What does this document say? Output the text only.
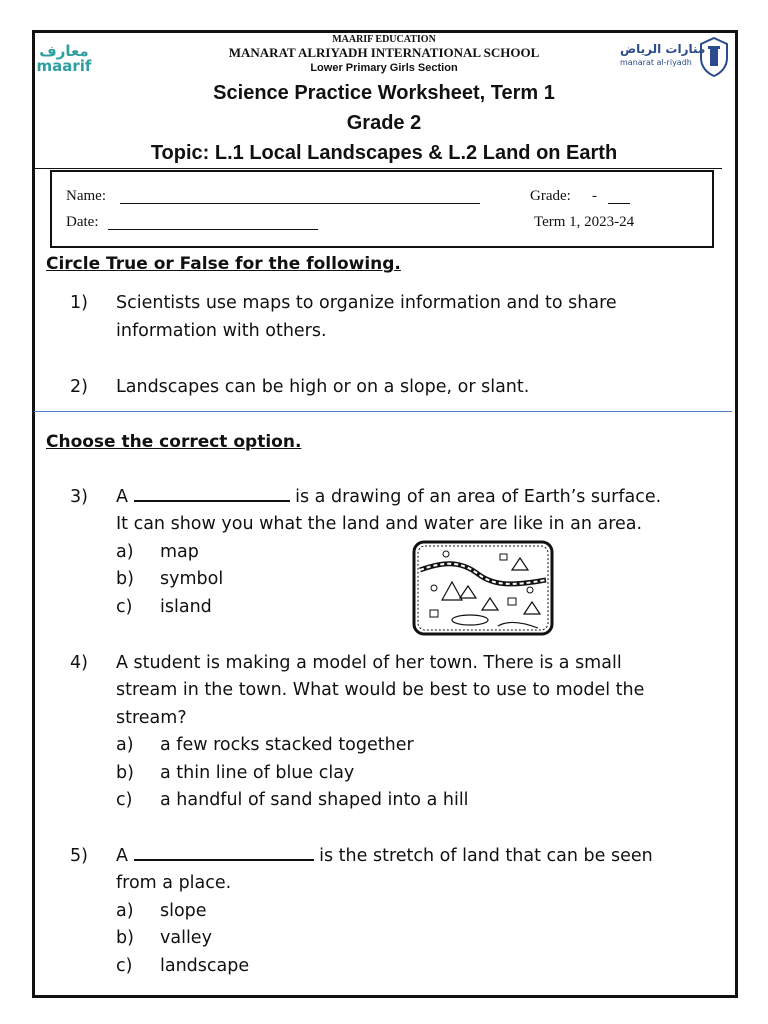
معارف
maarif
منارات الرياض
manarat al-riyadh
MAARIF EDUCATION
MANARAT ALRIYADH INTERNATIONAL SCHOOL
Lower Primary Girls Section
Science Practice Worksheet, Term 1
Grade 2
Topic: L.1 Local Landscapes & L.2 Land on Earth
Name:	Grade: -
Date:	Term 1, 2023-24
Circle True or False for the following.
1) Scientists use maps to organize information and to share
information with others.
2) Landscapes can be high or on a slope, or slant.
Choose the correct option.
3) A	is a drawing of an area of Earth’s surface.
It can show you what the land and water are like in an area.
a) map
b) symbol
c) island
4) A student is making a model of her town. There is a small
stream in the town. What would be best to use to model the
stream?
a) a few rocks stacked together
b) a thin line of blue clay
c) a handful of sand shaped into a hill
5) A	is the stretch of land that can be seen
from a place.
a) slope
b) valley
c) landscape
